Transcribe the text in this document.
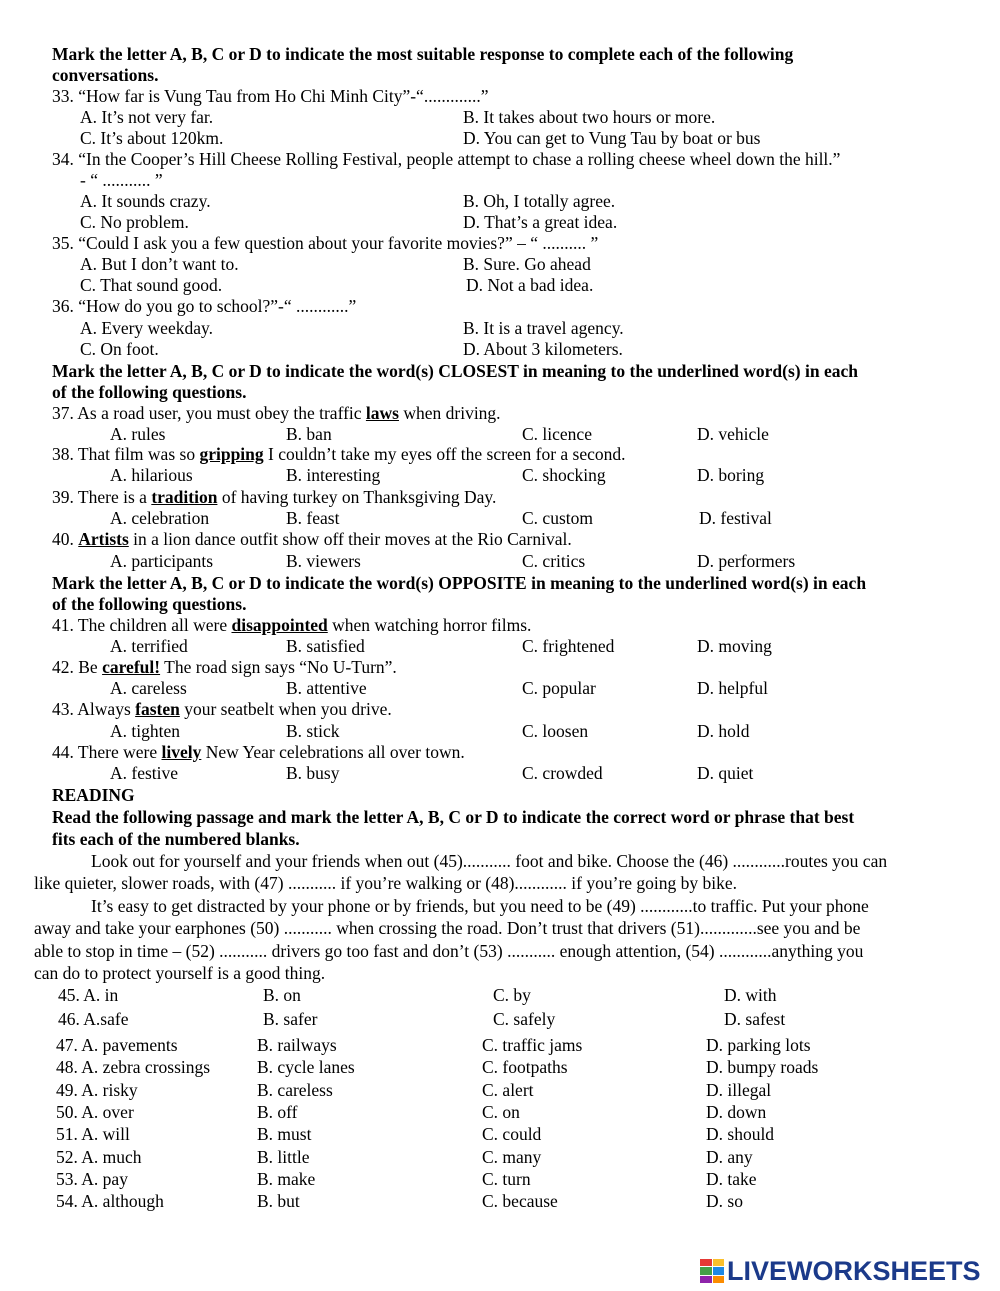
Mark the letter A, B, C or D to indicate the most suitable response to complete each of the following
conversations.
33. “How far is Vung Tau from Ho Chi Minh City”-“.............”
A. It’s not very far.	B. It takes about two hours or more.
C. It’s about 120km.	D. You can get to Vung Tau by boat or bus
34. “In the Cooper’s Hill Cheese Rolling Festival, people attempt to chase a rolling cheese wheel down the hill.”
- “ ........... ”
A. It sounds crazy.	B. Oh, I totally agree.
C. No problem.	D. That’s a great idea.
35. “Could I ask you a few question about your favorite movies?” – “ .......... ”
A. But I don’t want to.	B. Sure. Go ahead
C. That sound good.	D. Not a bad idea.
36. “How do you go to school?”-“ ............”
A. Every weekday.	B. It is a travel agency.
C. On foot.	D. About 3 kilometers.
Mark the letter A, B, C or D to indicate the word(s) CLOSEST in meaning to the underlined word(s) in each
of the following questions.
37. As a road user, you must obey the traffic laws when driving.
A. rules	B. ban	C. licence	D. vehicle
38. That film was so gripping I couldn’t take my eyes off the screen for a second.
A. hilarious	B. interesting	C. shocking	D. boring
39. There is a tradition of having turkey on Thanksgiving Day.
A. celebration	B. feast	C. custom	D. festival
40. Artists in a lion dance outfit show off their moves at the Rio Carnival.
A. participants	B. viewers	C. critics	D. performers
Mark the letter A, B, C or D to indicate the word(s) OPPOSITE in meaning to the underlined word(s) in each
of the following questions.
41. The children all were disappointed when watching horror films.
A. terrified	B. satisfied	C. frightened	D. moving
42. Be careful! The road sign says “No U-Turn”.
A. careless	B. attentive	C. popular	D. helpful
43. Always fasten your seatbelt when you drive.
A. tighten	B. stick	C. loosen	D. hold
44. There were lively New Year celebrations all over town.
A. festive	B. busy	C. crowded	D. quiet
READING
Read the following passage and mark the letter A, B, C or D to indicate the correct word or phrase that best
fits each of the numbered blanks.
Look out for yourself and your friends when out (45)........... foot and bike. Choose the (46) ............routes you can
like quieter, slower roads, with (47) ........... if you’re walking or (48)............ if you’re going by bike.
It’s easy to get distracted by your phone or by friends, but you need to be (49) ............to traffic. Put your phone
away and take your earphones (50) ........... when crossing the road. Don’t trust that drivers (51).............see you and be
able to stop in time – (52) ........... drivers go too fast and don’t (53) ........... enough attention, (54) ............anything you
can do to protect yourself is a good thing.
45. A. in	B. on	C. by	D. with
46. A.safe	B. safer	C. safely	D. safest
47. A. pavements	B. railways	C. traffic jams	D. parking lots
48. A. zebra crossings	B. cycle lanes	C. footpaths	D. bumpy roads
49. A. risky	B. careless	C. alert	D. illegal
50. A. over	B. off	C. on	D. down
51. A. will	B. must	C. could	D. should
52. A. much	B. little	C. many	D. any
53. A. pay	B. make	C. turn	D. take
54. A. although	B. but	C. because	D. so
LIVEWORKSHEETS
